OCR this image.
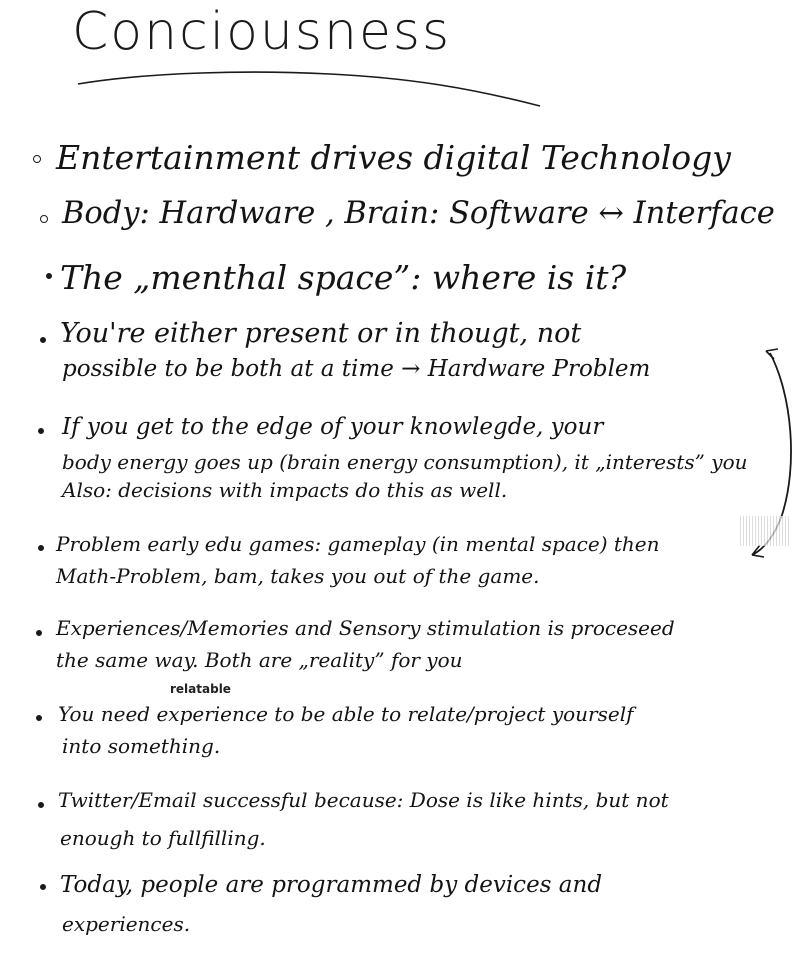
Conciousness
Entertainment drives digital Technology
Body: Hardware , Brain: Software ↔ Interface
The „menthal space”: where is it?
You're either present or in thougt, not
possible to be both at a time → Hardware Problem
If you get to the edge of your knowlegde, your
body energy goes up (brain energy consumption), it „interests” you
Also: decisions with impacts do this as well.
Problem early edu games: gameplay (in mental space) then
Math-Problem, bam, takes you out of the game.
Experiences/Memories and Sensory stimulation is proceseed
the same way. Both are „reality” for you
relatable
You need experience to be able to relate/project yourself
into something.
Twitter/Email successful because: Dose is like hints, but not
enough to fullfilling.
Today, people are programmed by devices and
experiences.
